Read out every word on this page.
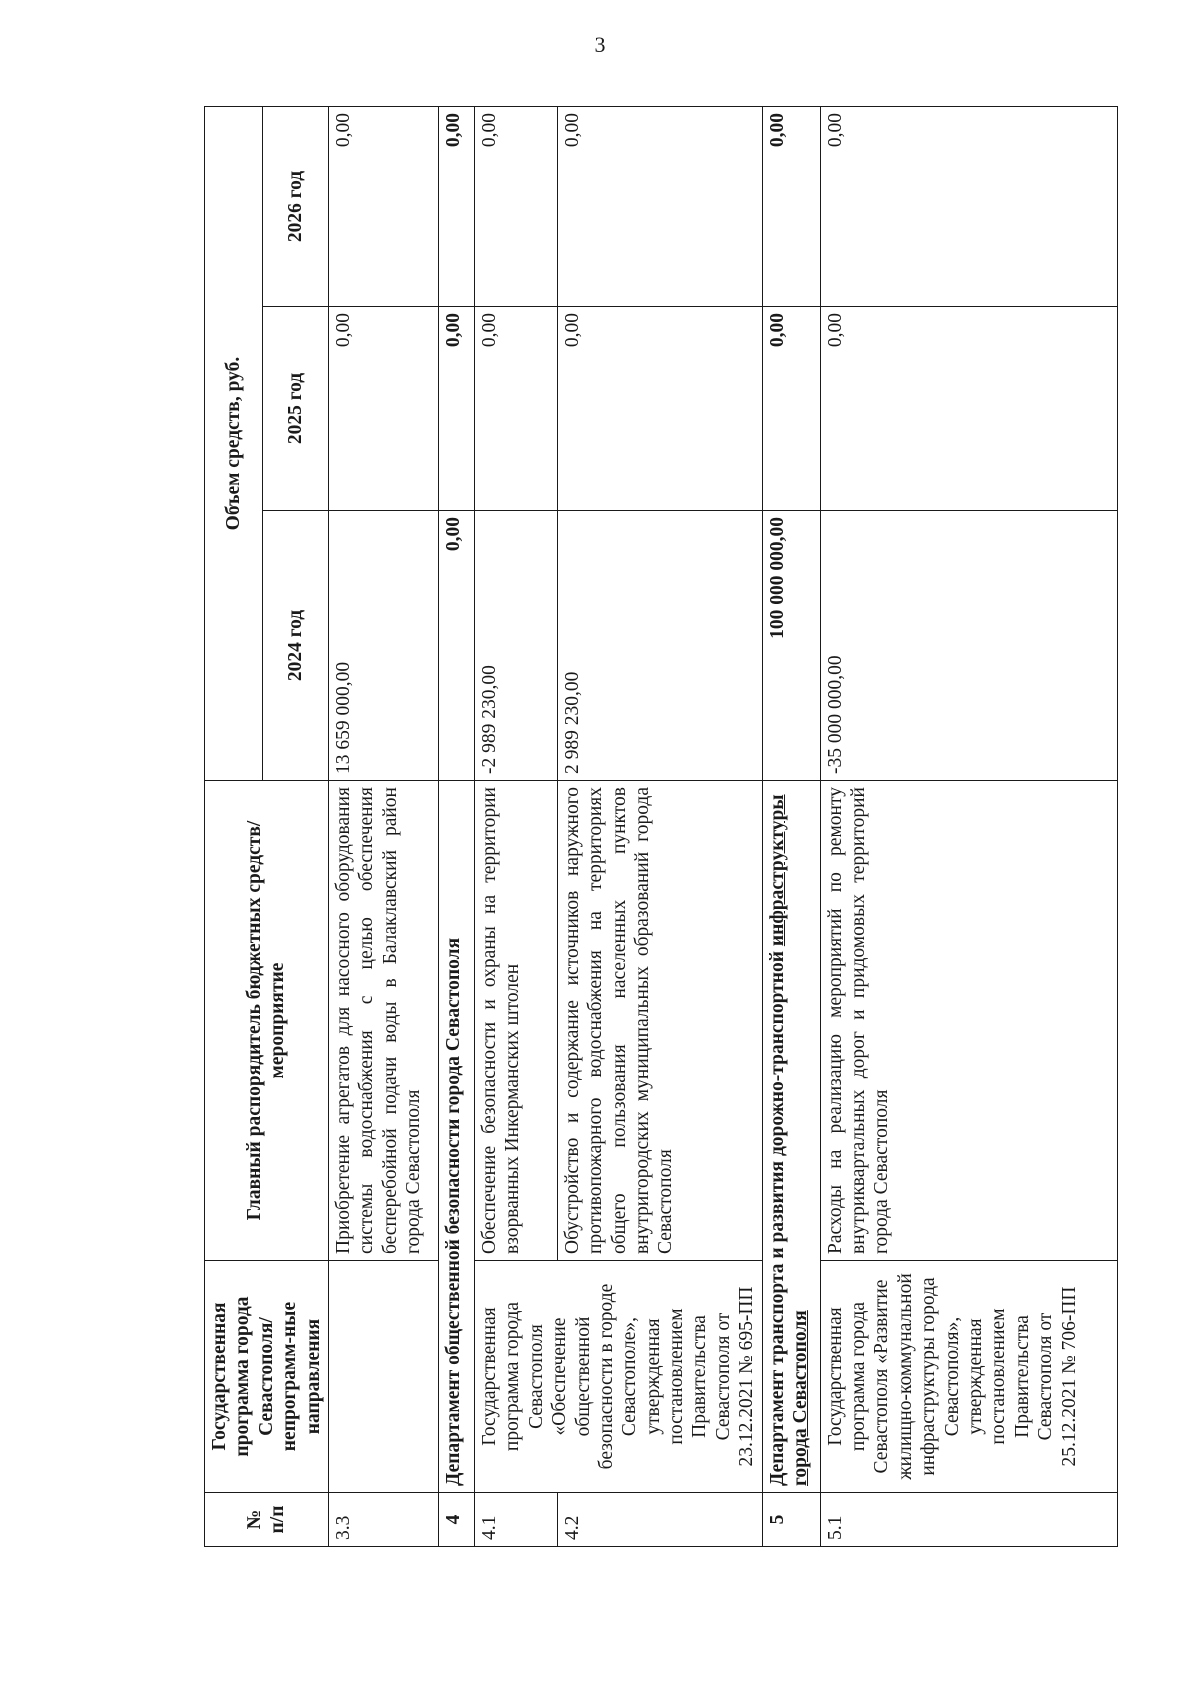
3
№ п/п	Государственная программа города Севастополя/непрограмм-ные направления	Главный распорядитель бюджетных средств/мероприятие	Объем средств, руб.		
			2024 год	2025 год	2026 год
3.3		Приобретение агрегатов для насосного оборудования системы водоснабжения с целью обеспечения бесперебойной подачи воды в Балаклавский район города Севастополя	13 659 000,00	0,00	0,00
4	Департамент общественной безопасности города Севастополя		0,00	0,00	0,00
4.1	Государственная программа города Севастополя «Обеспечение общественной безопасности в городе Севастополе», утвержденная постановлением Правительства Севастополя от 23.12.2021 № 695-ПП	Обеспечение безопасности и охраны на территории взорванных Инкерманских штолен	-2 989 230,00	0,00	0,00
4.2		Обустройство и содержание источников наружного противопожарного водоснабжения на территориях общего пользования населенных пунктов внутригородских муниципальных образований города Севастополя	2 989 230,00	0,00	0,00
5	Департамент транспорта и развития дорожно-транспортной инфраструктуры города Севастополя		100 000 000,00	0,00	0,00
5.1	Государственная программа города Севастополя «Развитие жилищно-коммунальной инфраструктуры города Севастополя», утвержденная постановлением Правительства Севастополя от 25.12.2021 № 706-ПП	Расходы на реализацию мероприятий по ремонту внутриквартальных дорог и придомовых территорий города Севастополя	-35 000 000,00	0,00	0,00
